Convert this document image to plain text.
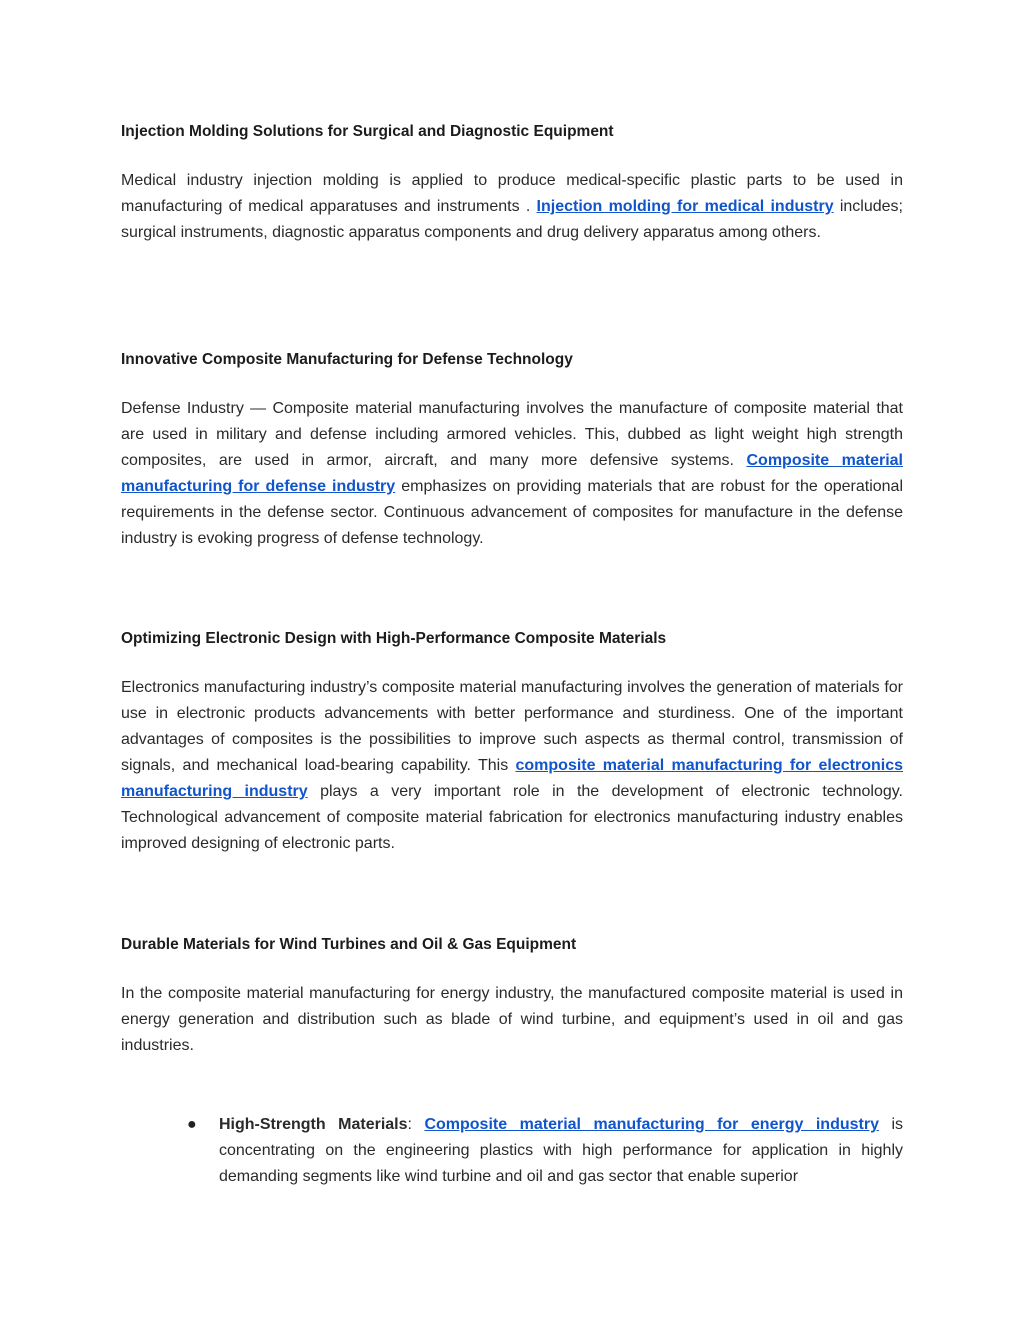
Injection Molding Solutions for Surgical and Diagnostic Equipment
Medical industry injection molding is applied to produce medical-specific plastic parts to be used in manufacturing of medical apparatuses and instruments . Injection molding for medical industry includes; surgical instruments, diagnostic apparatus components and drug delivery apparatus among others.
Innovative Composite Manufacturing for Defense Technology
Defense Industry — Composite material manufacturing involves the manufacture of composite material that are used in military and defense including armored vehicles. This, dubbed as light weight high strength composites, are used in armor, aircraft, and many more defensive systems. Composite material manufacturing for defense industry emphasizes on providing materials that are robust for the operational requirements in the defense sector. Continuous advancement of composites for manufacture in the defense industry is evoking progress of defense technology.
Optimizing Electronic Design with High-Performance Composite Materials
Electronics manufacturing industry’s composite material manufacturing involves the generation of materials for use in electronic products advancements with better performance and sturdiness. One of the important advantages of composites is the possibilities to improve such aspects as thermal control, transmission of signals, and mechanical load-bearing capability. This composite material manufacturing for electronics manufacturing industry plays a very important role in the development of electronic technology. Technological advancement of composite material fabrication for electronics manufacturing industry enables improved designing of electronic parts.
Durable Materials for Wind Turbines and Oil & Gas Equipment
In the composite material manufacturing for energy industry, the manufactured composite material is used in energy generation and distribution such as blade of wind turbine, and equipment’s used in oil and gas industries.
● High-Strength Materials: Composite material manufacturing for energy industry is concentrating on the engineering plastics with high performance for application in highly demanding segments like wind turbine and oil and gas sector that enable superior
